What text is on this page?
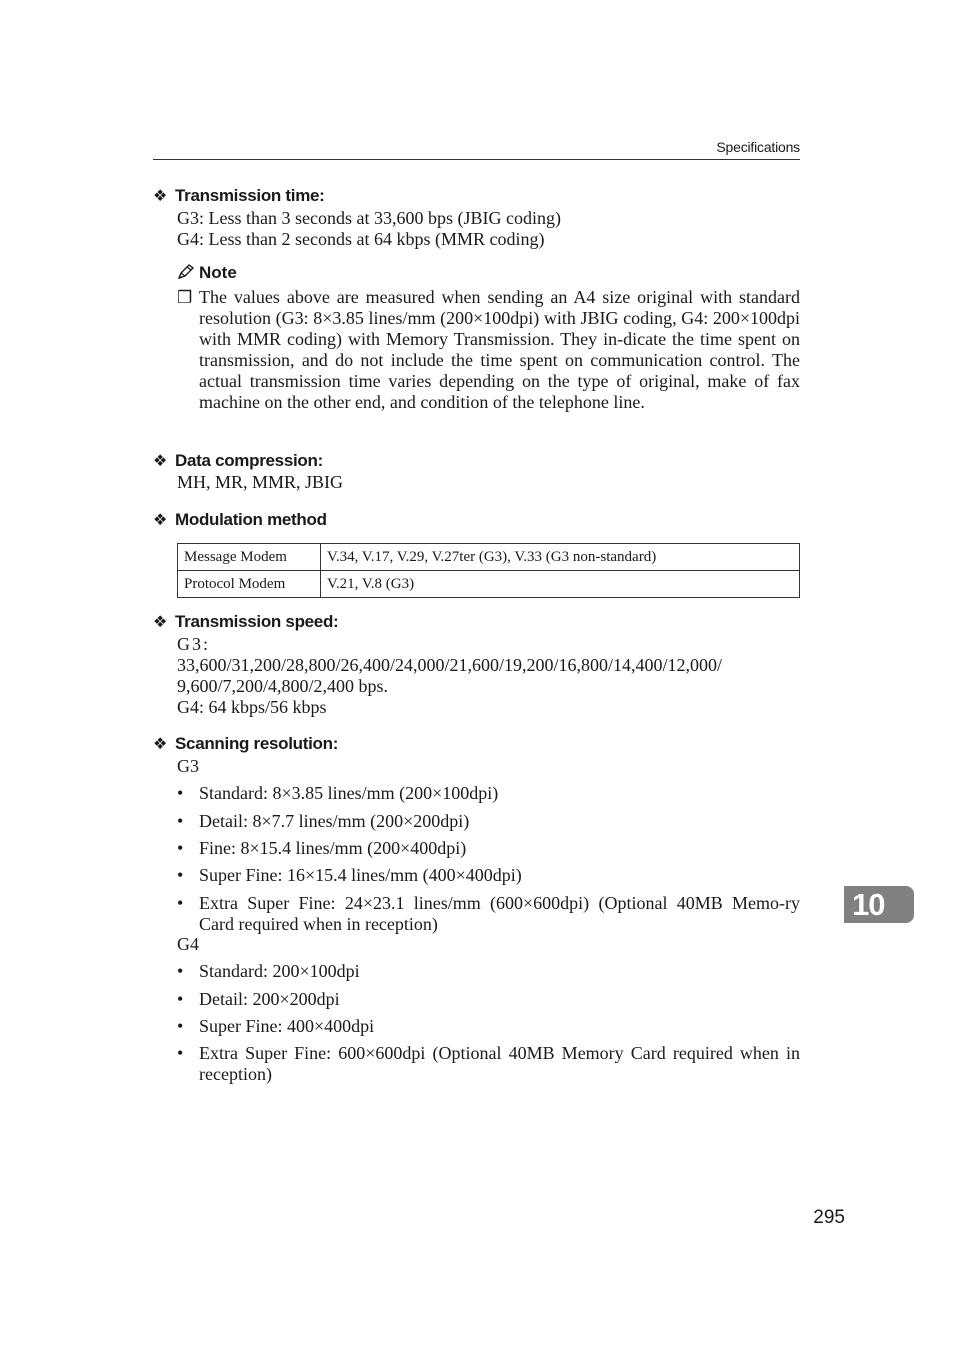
Specifications
❖ Transmission time:
G3: Less than 3 seconds at 33,600 bps (JBIG coding)
G4: Less than 2 seconds at 64 kbps (MMR coding)
Note
❒ The values above are measured when sending an A4 size original with standard resolution (G3: 8×3.85 lines/mm (200×100dpi) with JBIG coding, G4: 200×100dpi with MMR coding) with Memory Transmission. They in-dicate the time spent on transmission, and do not include the time spent on communication control. The actual transmission time varies depending on the type of original, make of fax machine on the other end, and condition of the telephone line.
❖ Data compression:
MH, MR, MMR, JBIG
❖ Modulation method
Message Modem	V.34, V.17, V.29, V.27ter (G3), V.33 (G3 non-standard)
Protocol Modem	V.21, V.8 (G3)
❖ Transmission speed:
G3:
33,600/31,200/28,800/26,400/24,000/21,600/19,200/16,800/14,400/12,000/
9,600/7,200/4,800/2,400 bps.
G4: 64 kbps/56 kbps
❖ Scanning resolution:
G3
• Standard: 8×3.85 lines/mm (200×100dpi)
• Detail: 8×7.7 lines/mm (200×200dpi)
• Fine: 8×15.4 lines/mm (200×400dpi)
• Super Fine: 16×15.4 lines/mm (400×400dpi)
• Extra Super Fine: 24×23.1 lines/mm (600×600dpi) (Optional 40MB Memo-ry Card required when in reception)
G4
• Standard: 200×100dpi
• Detail: 200×200dpi
• Super Fine: 400×400dpi
• Extra Super Fine: 600×600dpi (Optional 40MB Memory Card required when in reception)
10
295
